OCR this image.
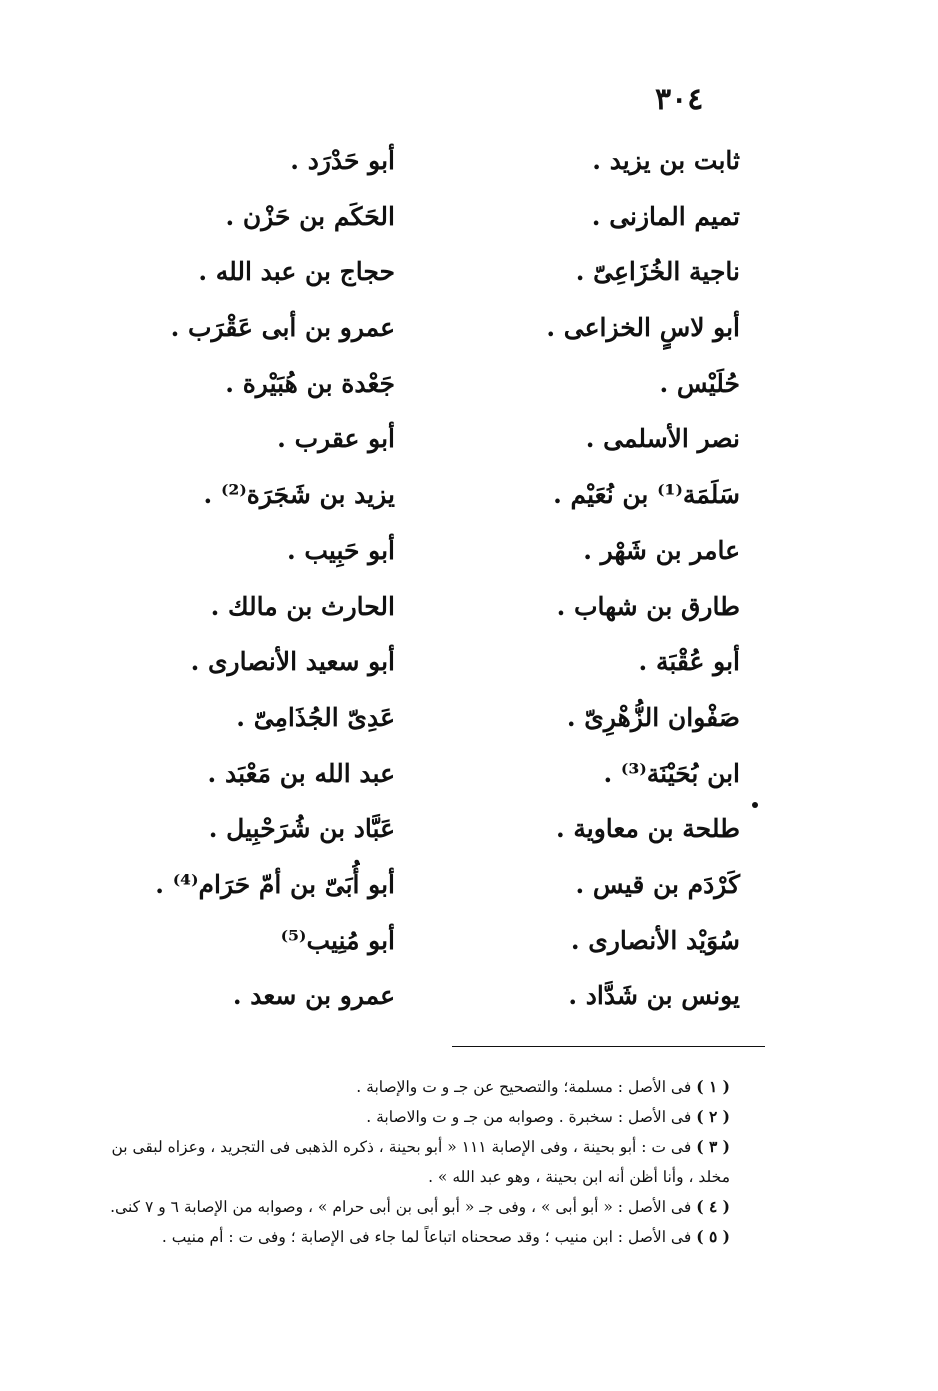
٣٠٤
ثابت بن يزيد .
أبو حَدْرَد .
تميم المازنى .
الحَكَم بن حَزْن .
ناجية الخُزَاعِىّ .
حجاج بن عبد الله .
أبو لاسٍ الخزاعى .
عمرو بن أبى عَقْرَب .
حُلَيْس .
جَعْدة بن هُبَيْرة .
نصر الأسلمى .
أبو عقرب .
سَلَمَة⁽¹⁾ بن نُعَيْم .
يزيد بن شَجَرَة⁽²⁾ .
عامر بن شَهْر .
أبو حَبِيب .
طارق بن شهاب .
الحارث بن مالك .
أبو عُقْبَة .
أبو سعيد الأنصارى .
صَفْوان الزُّهْرِىّ .
عَدِىّ الجُذَامِىّ .
ابن بُحَيْنَة⁽³⁾ .
عبد الله بن مَعْبَد .
طلحة بن معاوية .
عَبَّاد بن شُرَحْبِيل .
كَرْدَم بن قيس .
أبو أُبَىّ بن أمّ حَرَام⁽⁴⁾ .
سُوَيْد الأنصارى .
أبو مُنِيب⁽⁵⁾
يونس بن شَدَّاد .
عمرو بن سعد .
( ١ ) فى الأصل : مسلمة؛ والتصحيح عن جـ و ت والإصابة .
( ٢ ) فى الأصل : سخبرة . وصوابه من جـ و ت والاصابة .
( ٣ ) فى ت : أبو بحينة ، وفى الإصابة ١١١ « أبو بحينة ، ذكره الذهبى فى التجريد ، وعزاه لبقى بن مخلد ، وأنا أظن أنه ابن بحينة ، وهو عبد الله » .
( ٤ ) فى الأصل : « أبو أبى » ، وفى جـ « أبو أبى بن أبى حرام » ، وصوابه من الإصابة ٦ و ٧ كنى.
( ٥ ) فى الأصل : ابن منيب ؛ وقد صححناه اتباعاً لما جاء فى الإصابة ؛ وفى ت : أم منيب .
